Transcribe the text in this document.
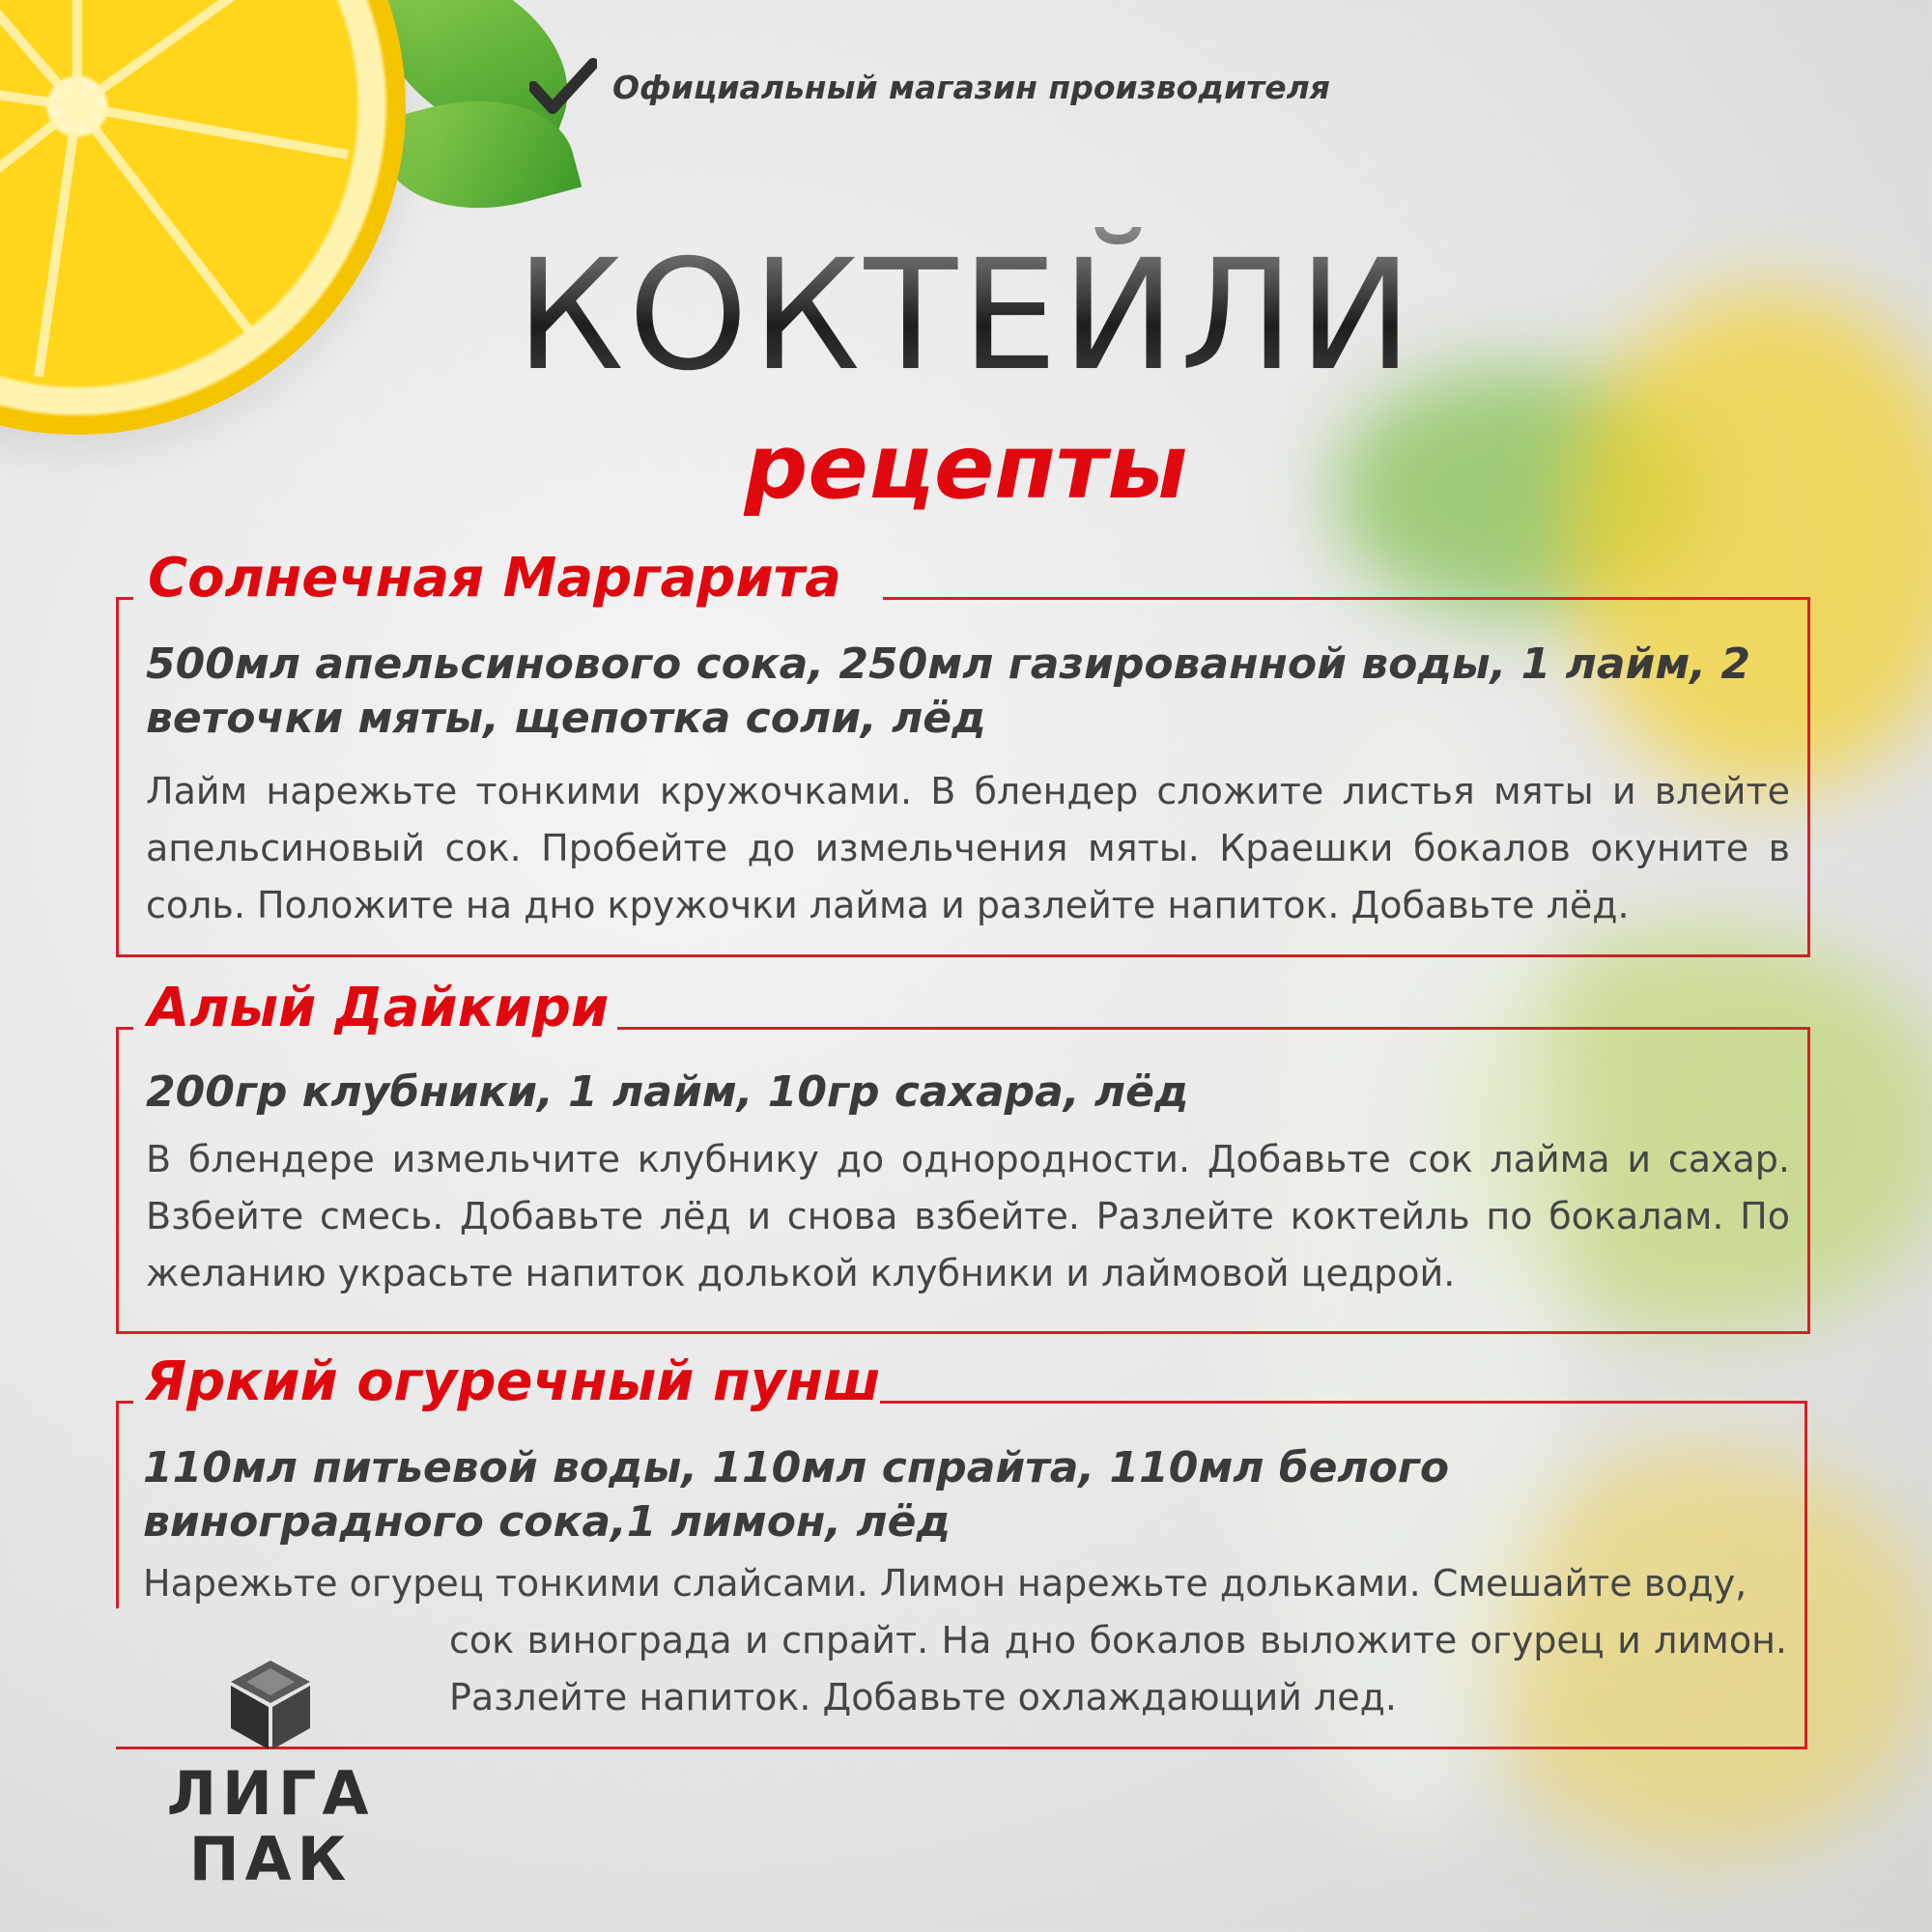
Официальный магазин производителя
КОКТЕЙЛИ
рецепты
Солнечная Маргарита
500мл апельсинового сока, 250мл газированной воды, 1 лайм, 2 веточки мяты, щепотка соли, лёд
Лайм нарежьте тонкими кружочками. В блендер сложите листья мяты и влейте апельсиновый сок. Пробейте до измельчения мяты. Краешки бокалов окуните в соль. Положите на дно кружочки лайма и разлейте напиток. Добавьте лёд.
Алый Дайкири
200гр клубники, 1 лайм, 10гр сахара, лёд
В блендере измельчите клубнику до однородности. Добавьте сок лайма и сахар. Взбейте смесь. Добавьте лёд и снова взбейте. Разлейте коктейль по бокалам. По желанию украсьте напиток долькой клубники и лаймовой цедрой.
Яркий огуречный пунш
110мл питьевой воды, 110мл спрайта, 110мл белого виноградного сока,1 лимон, лёд
Нарежьте огурец тонкими слайсами. Лимон нарежьте дольками. Смешайте воду,
сок винограда и спрайт. На дно бокалов выложите огурец и лимон. Разлейте напиток. Добавьте охлаждающий лед.
ЛИГА
ПАК
